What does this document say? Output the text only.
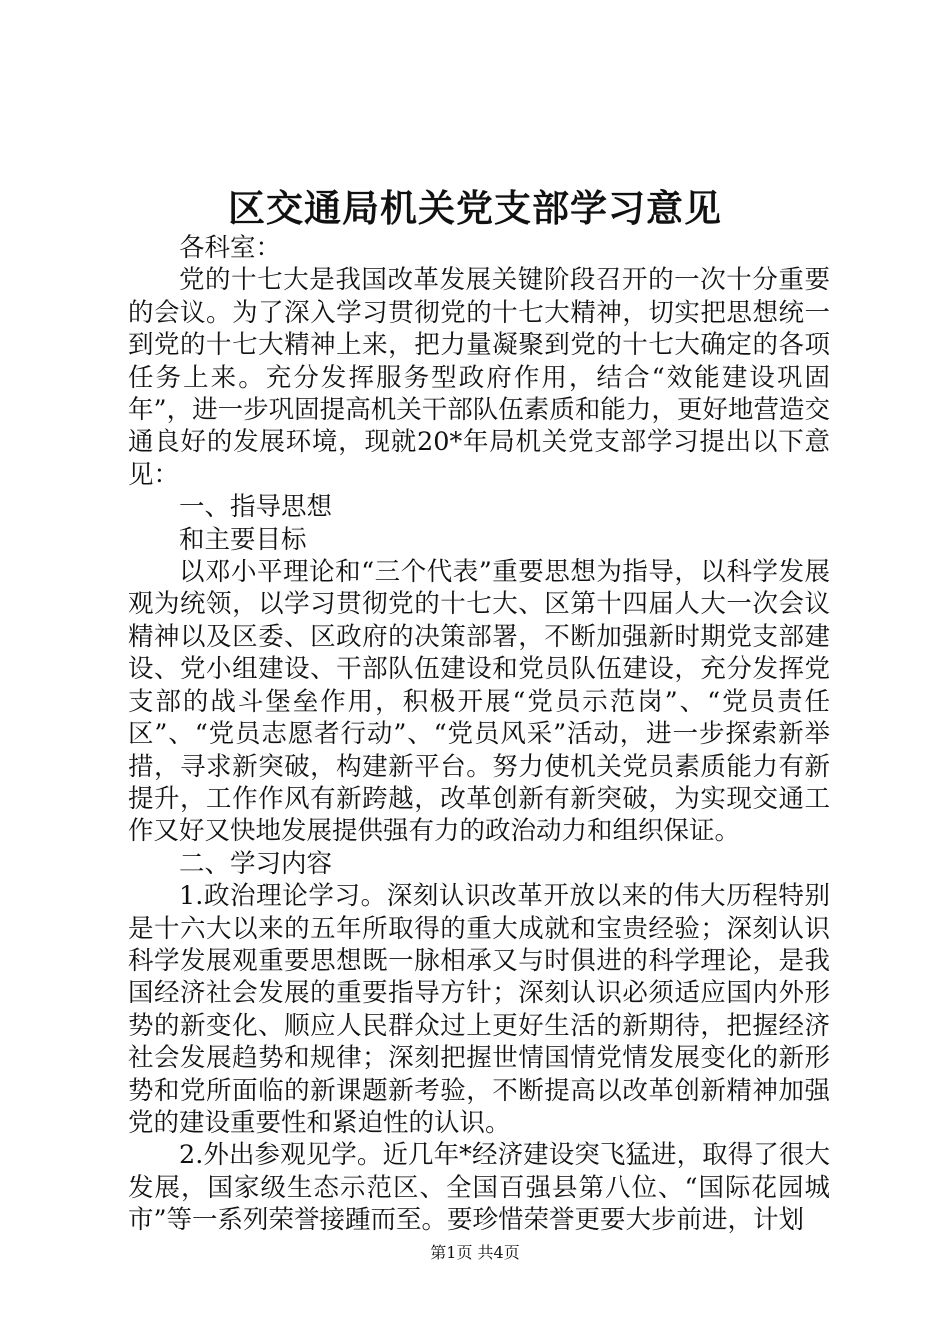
区交通局机关党支部学习意见

各科室：

党的十七大是我国改革发展关键阶段召开的一次十分重要的会议。为了深入学习贯彻党的十七大精神，切实把思想统一到党的十七大精神上来，把力量凝聚到党的十七大确定的各项任务上来。充分发挥服务型政府作用，结合“效能建设巩固年”，进一步巩固提高机关干部队伍素质和能力，更好地营造交通良好的发展环境，现就20*年局机关党支部学习提出以下意见：

一、指导思想

和主要目标

以邓小平理论和“三个代表”重要思想为指导，以科学发展观为统领，以学习贯彻党的十七大、区第十四届人大一次会议精神以及区委、区政府的决策部署，不断加强新时期党支部建设、党小组建设、干部队伍建设和党员队伍建设，充分发挥党支部的战斗堡垒作用，积极开展“党员示范岗”、“党员责任区”、“党员志愿者行动”、“党员风采”活动，进一步探索新举措，寻求新突破，构建新平台。努力使机关党员素质能力有新提升，工作作风有新跨越，改革创新有新突破，为实现交通工作又好又快地发展提供强有力的政治动力和组织保证。

二、学习内容

1.政治理论学习。深刻认识改革开放以来的伟大历程特别是十六大以来的五年所取得的重大成就和宝贵经验；深刻认识科学发展观重要思想既一脉相承又与时俱进的科学理论，是我国经济社会发展的重要指导方针；深刻认识必须适应国内外形势的新变化、顺应人民群众过上更好生活的新期待，把握经济社会发展趋势和规律；深刻把握世情国情党情发展变化的新形势和党所面临的新课题新考验，不断提高以改革创新精神加强党的建设重要性和紧迫性的认识。

2.外出参观见学。近几年*经济建设突飞猛进，取得了很大发展，国家级生态示范区、全国百强县第八位、“国际花园城市”等一系列荣誉接踵而至。要珍惜荣誉更要大步前进，计划

第1页 共4页
